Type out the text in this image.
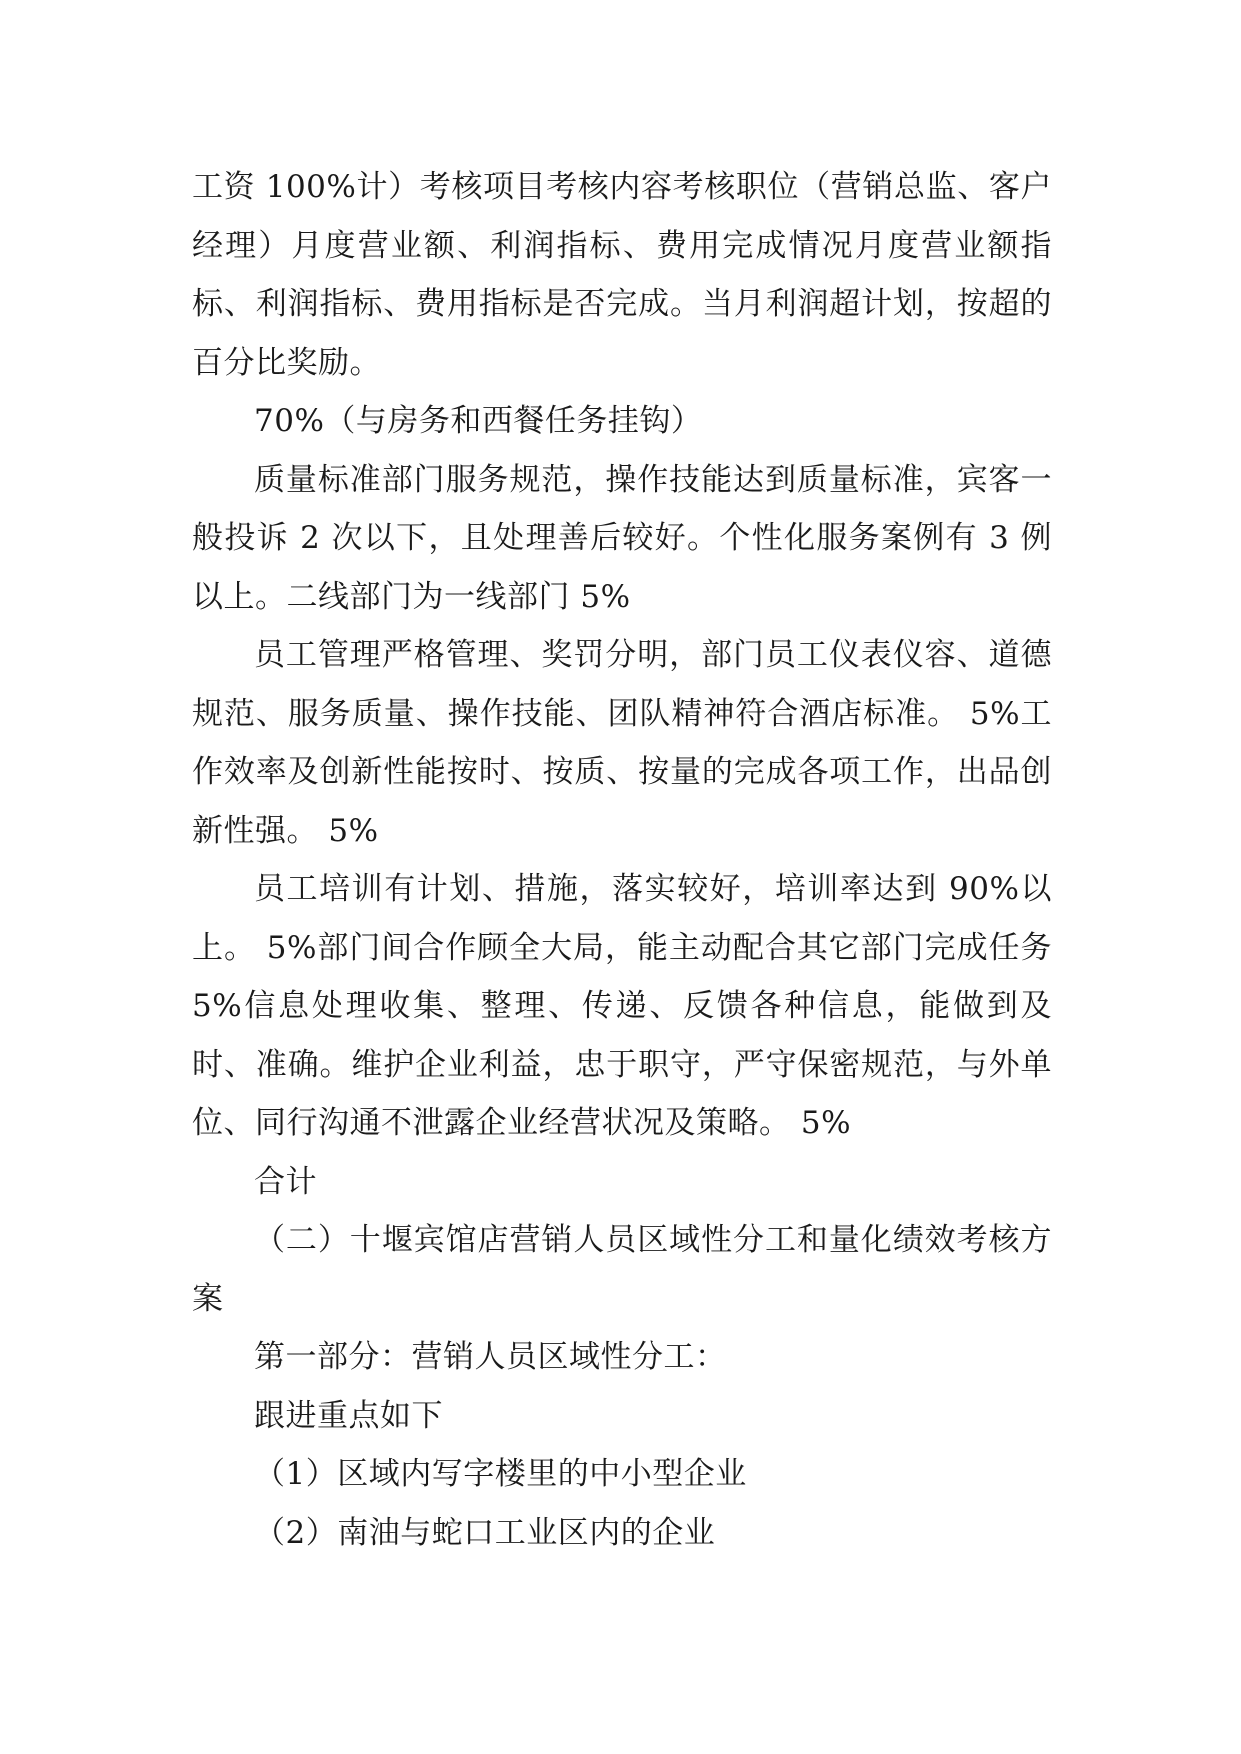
工资 100%计）考核项目考核内容考核职位（营销总监、客户经理）月度营业额、利润指标、费用完成情况月度营业额指标、利润指标、费用指标是否完成。当月利润超计划，按超的百分比奖励。

70%（与房务和西餐任务挂钩）

质量标准部门服务规范，操作技能达到质量标准，宾客一般投诉 2 次以下，且处理善后较好。个性化服务案例有 3 例以上。二线部门为一线部门 5%

员工管理严格管理、奖罚分明，部门员工仪表仪容、道德规范、服务质量、操作技能、团队精神符合酒店标准。 5%工作效率及创新性能按时、按质、按量的完成各项工作，出品创新性强。 5%

员工培训有计划、措施，落实较好，培训率达到 90%以上。 5%部门间合作顾全大局，能主动配合其它部门完成任务 5%信息处理收集、整理、传递、反馈各种信息，能做到及时、准确。维护企业利益，忠于职守，严守保密规范，与外单位、同行沟通不泄露企业经营状况及策略。 5%

合计

（二）十堰宾馆店营销人员区域性分工和量化绩效考核方案

第一部分：营销人员区域性分工：

跟进重点如下

（1）区域内写字楼里的中小型企业

（2）南油与蛇口工业区内的企业
